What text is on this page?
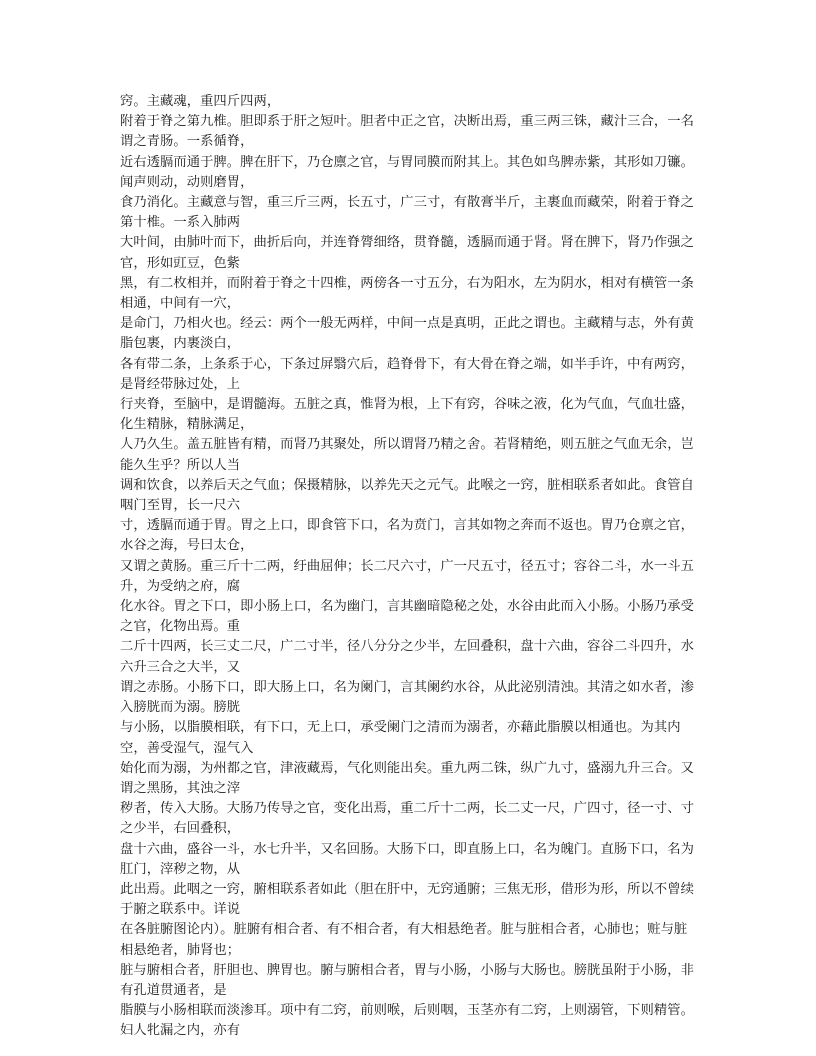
窍。主藏魂，重四斤四两，

附着于脊之第九椎。胆即系于肝之短叶。胆者中正之官，决断出焉，重三两三铢，藏汁三合，一名谓之青肠。一系循脊，

近右透膈而通于脾。脾在肝下，乃仓廪之官，与胃同膜而附其上。其色如鸟脾赤紫，其形如刀镰。闻声则动，动则磨胃，

食乃消化。主藏意与智，重三斤三两，长五寸，广三寸，有散膏半斤，主裹血而藏荣，附着于脊之第十椎。一系入肺两

大叶间，由肺叶而下，曲折后向，并连脊膂细络，贯脊髓，透膈而通于肾。肾在脾下，肾乃作强之官，形如豇豆，色紫

黑，有二枚相并，而附着于脊之十四椎，两傍各一寸五分，右为阳水，左为阴水，相对有横管一条相通，中间有一穴，

是命门，乃相火也。经云：两个一般无两样，中间一点是真明，正此之谓也。主藏精与志，外有黄脂包裹，内裹淡白，

各有带二条，上条系于心，下条过屏翳穴后，趋脊骨下，有大骨在脊之端，如半手许，中有两窍，是肾经带脉过处，上

行夹脊，至脑中，是谓髓海。五脏之真，惟肾为根，上下有窍，谷味之液，化为气血，气血壮盛，化生精脉，精脉满足，

人乃久生。盖五脏皆有精，而肾乃其聚处，所以谓肾乃精之舍。若肾精绝，则五脏之气血无余，岂能久生乎？所以人当

调和饮食，以养后天之气血；保摄精脉，以养先天之元气。此喉之一窍，脏相联系者如此。食管自咽门至胃，长一尺六

寸，透膈而通于胃。胃之上口，即食管下口，名为贲门，言其如物之奔而不返也。胃乃仓禀之官，水谷之海，号曰太仓，

又谓之黄肠。重三斤十二两，纡曲屈伸；长二尺六寸，广一尺五寸，径五寸；容谷二斗，水一斗五升，为受纳之府，腐

化水谷。胃之下口，即小肠上口，名为幽门，言其幽暗隐秘之处，水谷由此而入小肠。小肠乃承受之官，化物出焉。重

二斤十四两，长三丈二尺，广二寸半，径八分分之少半，左回叠积，盘十六曲，容谷二斗四升，水六升三合之大半，又

谓之赤肠。小肠下口，即大肠上口，名为阑门，言其阑约水谷，从此泌别清浊。其清之如水者，渗入膀胱而为溺。膀胱

与小肠，以脂膜相联，有下口，无上口，承受阑门之清而为溺者，亦藉此脂膜以相通也。为其内空，善受湿气，湿气入

始化而为溺，为州都之官，津液藏焉，气化则能出矣。重九两二铢，纵广九寸，盛溺九升三合。又谓之黑肠，其浊之滓

秽者，传入大肠。大肠乃传导之官，变化出焉，重二斤十二两，长二丈一尺，广四寸，径一寸、寸之少半，右回叠积，

盘十六曲，盛谷一斗，水七升半，又名回肠。大肠下口，即直肠上口，名为魄门。直肠下口，名为肛门，滓秽之物，从

此出焉。此咽之一窍，腑相联系者如此（胆在肝中，无窍通腑；三焦无形，借形为形，所以不曾续于腑之联系中。详说

在各脏腑图论内）。脏腑有相合者、有不相合者，有大相悬绝者。脏与脏相合者，心肺也；赃与脏相悬绝者，肺肾也；

脏与腑相合者，肝胆也、脾胃也。腑与腑相合者，胃与小肠，小肠与大肠也。膀胱虽附于小肠，非有孔道贯通者，是

脂膜与小肠相联而淡渗耳。项中有二窍，前则喉，后则咽，玉茎亦有二窍，上则溺管，下则精管。妇人牝漏之内，亦有
